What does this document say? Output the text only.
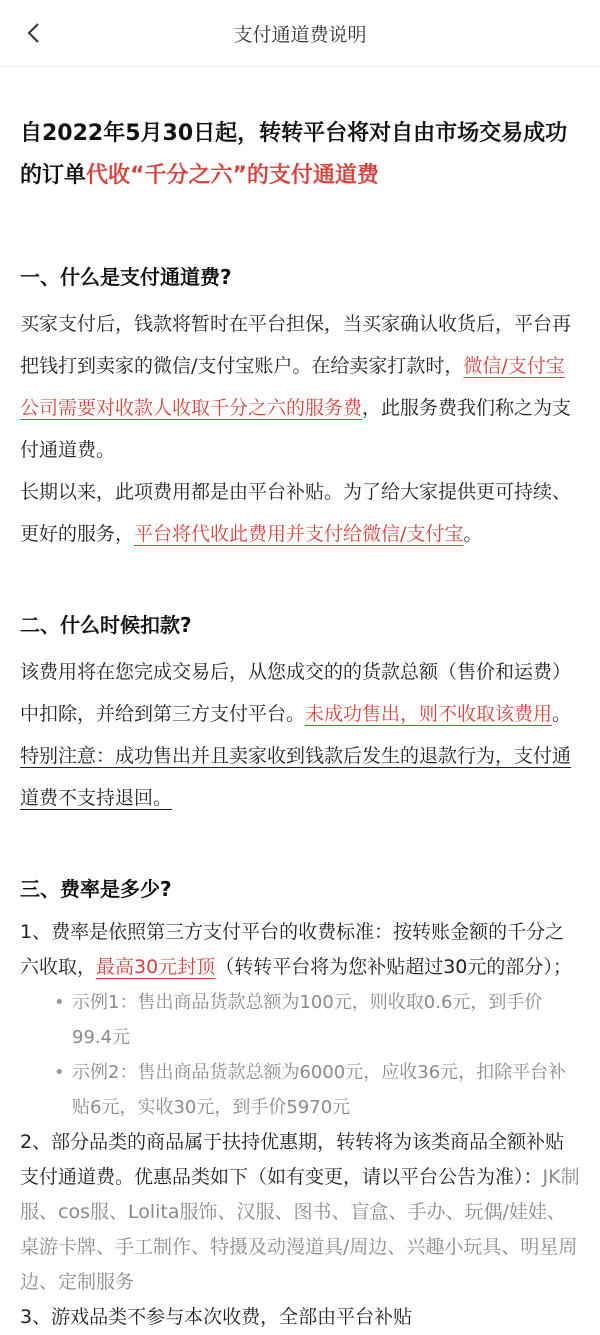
支付通道费说明
自2022年5月30日起，转转平台将对自由市场交易成功的订单代收“千分之六”的支付通道费
一、什么是支付通道费?

买家支付后，钱款将暂时在平台担保，当买家确认收货后，平台再把钱打到卖家的微信/支付宝账户。在给卖家打款时，微信/支付宝公司需要对收款人收取千分之六的服务费，此服务费我们称之为支付通道费。

长期以来，此项费用都是由平台补贴。为了给大家提供更可持续、更好的服务，平台将代收此费用并支付给微信/支付宝。

二、什么时候扣款?

该费用将在您完成交易后，从您成交的的货款总额（售价和运费）中扣除，并给到第三方支付平台。未成功售出，则不收取该费用。

特别注意：成功售出并且卖家收到钱款后发生的退款行为，支付通道费不支持退回。

三、费率是多少?

1、费率是依照第三方支付平台的收费标准：按转账金额的千分之六收取，最高30元封顶（转转平台将为您补贴超过30元的部分）；

• 示例1：售出商品货款总额为100元，则收取0.6元，到手价99.4元
• 示例2：售出商品货款总额为6000元，应收36元，扣除平台补贴6元，实收30元，到手价5970元

2、部分品类的商品属于扶持优惠期，转转将为该类商品全额补贴支付通道费。优惠品类如下（如有变更，请以平台公告为准）：JK制服、cos服、Lolita服饰、汉服、图书、盲盒、手办、玩偶/娃娃、桌游卡牌、手工制作、特摄及动漫道具/周边、兴趣小玩具、明星周边、定制服务

3、游戏品类不参与本次收费，全部由平台补贴
